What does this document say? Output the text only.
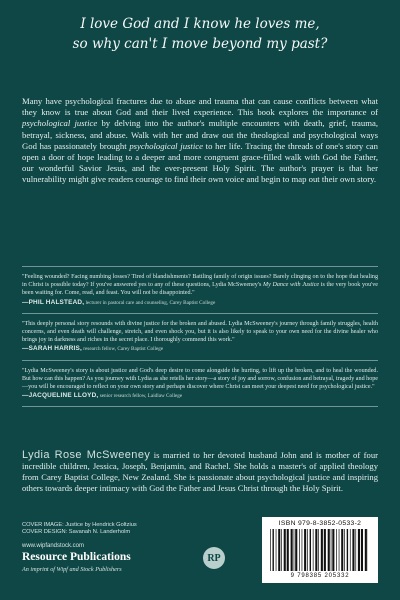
I love God and I know he loves me,
so why can't I move beyond my past?
Many have psychological fractures due to abuse and trauma that can cause conflicts between what they know is true about God and their lived experience. This book explores the importance of psychological justice by delving into the author's multiple encounters with death, grief, trauma, betrayal, sickness, and abuse. Walk with her and draw out the theological and psychological ways God has passionately brought psychological justice to her life. Tracing the threads of one's story can open a door of hope leading to a deeper and more congruent grace-filled walk with God the Father, our wonderful Savior Jesus, and the ever-present Holy Spirit. The author's prayer is that her vulnerability might give readers courage to find their own voice and begin to map out their own story.

"Feeling wounded? Facing numbing losses? Tired of blandishments? Battling family of origin issues? Barely clinging on to the hope that healing in Christ is possible today? If you've answered yes to any of these questions, Lydia McSweeney's My Dance with Justice is the very book you've been waiting for. Come, read, and feast. You will not be disappointed."

—PHIL HALSTEAD, lecturer in pastoral care and counseling, Carey Baptist College

"This deeply personal story resounds with divine justice for the broken and abused. Lydia McSweeney's journey through family struggles, health concerns, and even death will challenge, stretch, and even shock you, but it is also likely to speak to your own need for the divine healer who brings joy in darkness and riches in the secret place. I thoroughly commend this work."

—SARAH HARRIS, research fellow, Carey Baptist College

"Lydia McSweeney's story is about justice and God's deep desire to come alongside the hurting, to lift up the broken, and to heal the wounded. But how can this happen? As you journey with Lydia as she retells her story—a story of joy and sorrow, confusion and betrayal, tragedy and hope—you will be encouraged to reflect on your own story and perhaps discover where Christ can meet your deepest need for psychological justice."

—JACQUELINE LLOYD, senior research fellow, Laidlaw College
Lydia Rose McSweeney is married to her devoted husband John and is mother of four incredible children, Jessica, Joseph, Benjamin, and Rachel. She holds a master's of applied theology from Carey Baptist College, New Zealand. She is passionate about psychological justice and inspiring others towards deeper intimacy with God the Father and Jesus Christ through the Holy Spirit.
COVER IMAGE: Justice by Hendrick Goltzius
COVER DESIGN: Savanah N. Landerholm
www.wipfandstock.com
Resource Publications
An imprint of Wipf and Stock Publishers
RP
ISBN 979-8-3852-0533-2
9 798385 205332
